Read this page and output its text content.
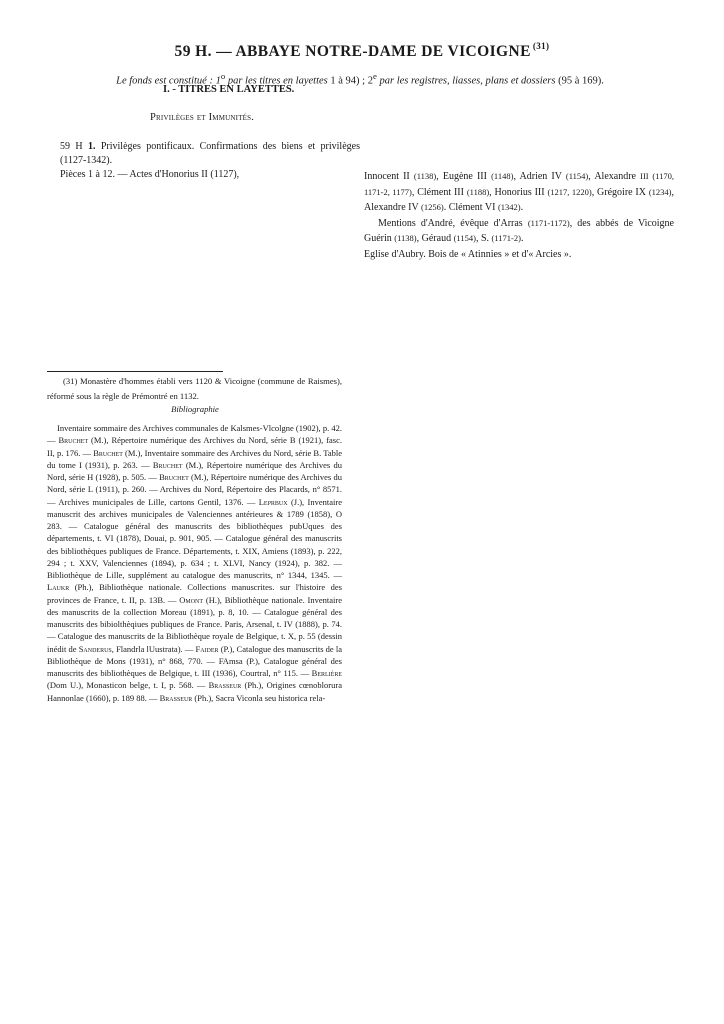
59 H. — ABBAYE NOTRE-DAME DE VICOIGNE $^{(31)}$
Le fonds est constitué : 1$^o$ par les titres en layettes 1 à 94) ; 2e par les registres, liasses, plans et dossiers (95 à 169).
I. - TITRES EN LAYETTES.
Privilèges et Immunités.

59 H 1. Privilèges pontificaux. Confirmations des biens et privilèges (1127-1342).

Pièces 1 à 12. — Actes d'Honorius II (1127),	Innocent II (1138), Eugène III (1148), Adrien IV (1154), Alexandre III (1170, 1171-2, 1177), Clément III (1188), Honorius III (1217, 1220), Grégoire IX (1234), Alexandre IV (1256). Clément VI (1342).

Mentions d'André, évêque d'Arras (1171-1172), des abbés de Vicoigne Guérin (1138), Géraud (1154), S. (1171-2).

Eglise d'Aubry. Bois de « Atinnies » et d'« Arcies ».

(31) Monastère d'hommes établi vers 1120 & Vicoigne (commune de Raismes), réformé sous la règle de Prémontré en 1132.

Bibliographie

Inventaire sommaire des Archives communales de Kalsmes-Vlcolgne (1902), p. 42. — Bruchet (M.), Répertoire numérique des Archives du Nord, série B (1921), fasc. II, p. 176. — Bruchet (M.), Inventaire sommaire des Archives du Nord, série B. Table du tome I (1931), p. 263. — Bruchet (M.), Répertoire numérique des Archives du Nord, série H (1928), p. 505. — Bruchet (M.), Répertoire numérique des Archives du Nord, série L (1911), p. 260. — Archives du Nord, Répertoire des Placards, n° 8571. — Archives municipales de Lille, cartons Gentil, 1376. — Leprbux (J.), Inventaire manuscrit des archives municipales de Valenciennes antérieures & 1789 (1858), O 283. — Catalogue général des manuscrits des bibliothèques pubUques des départements, t. VI (1878), Douai, p. 901, 905. — Catalogue général des manuscrits des bibliothèques publiques de France. Départements, t. XIX, Amiens (1893), p. 222, 294 ; t. XXV, Valenciennes (1894), p. 634 ; t. XLVI, Nancy (1924), p. 382. — Bibliothèque de Lille, supplément au catalogue des manuscrits, n° 1344, 1345. — Laukr (Ph.), Bibliothèque nationale. Collections manuscrites. sur l'histoire des provinces de France, t. II, p. 13B. — Omont (H.), Bibliothèque nationale. Inventaire des manuscrits de la collection Moreau (1891), p. 8, 10. — Catalogue général des manuscrits des bibiolthèqiues publiques de France. Paris, Arsenal, t. IV (1888), p. 74. — Catalogue des manuscrits de la Bibliothèque royale de Belgique, t. X, p. 55 (dessin inédit de Sanderus, Flandrla lUustrata). — Faider (P.), Catalogue des manuscrits de la Bibliothèque de Mons (1931), n° 868, 770. — FAmsa (P.), Catalogue général des manuscrits des bibliothèques de Belgique, t. III (1936), Courtral, n° 115. — Berlière (Dom U.), Monasticon belge, t. I, p. 568. — Brasseur (Ph.), Origines cœnoblorura Hannonlae (1660), p. 189 88. — Brasseur (Ph.), Sacra Viconla seu historica rela-
